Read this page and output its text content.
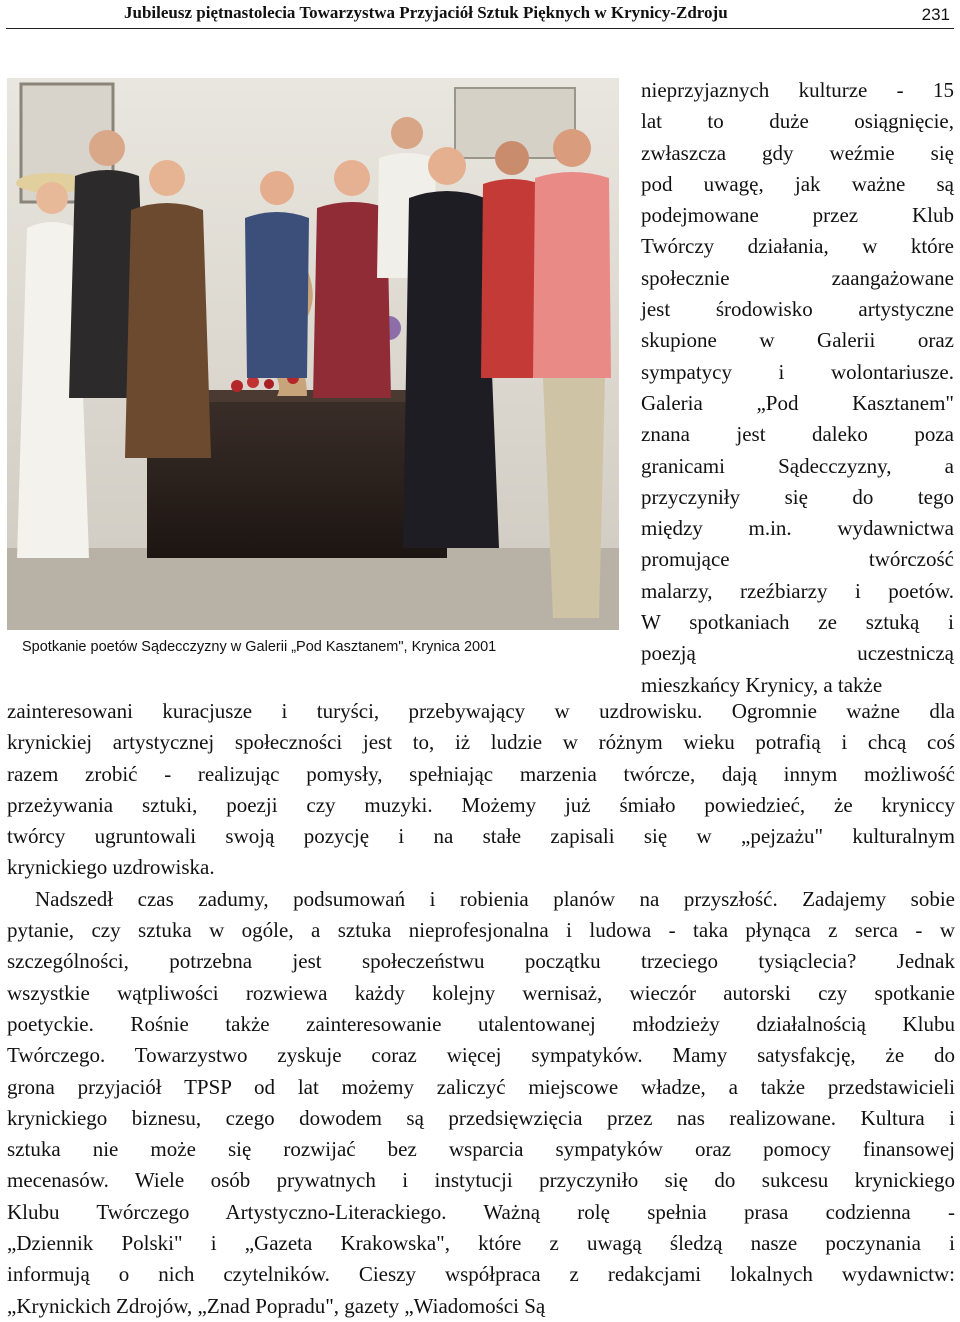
Jubileusz piętnastolecia Towarzystwa Przyjaciół Sztuk Pięknych w Krynicy-Zdroju	231
Spotkanie poetów Sądecczyzny w Galerii „Pod Kasztanem", Krynica 2001
nieprzyjaznych kulturze - 15
lat to duże osiągnięcie,
zwłaszcza gdy weźmie się
pod uwagę, jak ważne są
podejmowane przez Klub
Twórczy działania, w które
społecznie zaangażowane
jest środowisko artystyczne
skupione w Galerii oraz
sympatycy i wolontariusze.
Galeria „Pod Kasztanem"
znana jest daleko poza
granicami Sądecczyzny, a
przyczyniły się do tego
między m.in. wydawnictwa
promujące twórczość
malarzy, rzeźbiarzy i poetów.
W spotkaniach ze sztuką i
poezją uczestniczą
mieszkańcy Krynicy, a także
zainteresowani kuracjusze i turyści, przebywający w uzdrowisku. Ogromnie ważne dla
krynickiej artystycznej społeczności jest to, iż ludzie w różnym wieku potrafią i chcą coś
razem zrobić - realizując pomysły, spełniając marzenia twórcze, dają innym możliwość
przeżywania sztuki, poezji czy muzyki. Możemy już śmiało powiedzieć, że kryniccy
twórcy ugruntowali swoją pozycję i na stałe zapisali się w „pejzażu" kulturalnym
krynickiego uzdrowiska.
Nadszedł czas zadumy, podsumowań i robienia planów na przyszłość. Zadajemy sobie
pytanie, czy sztuka w ogóle, a sztuka nieprofesjonalna i ludowa - taka płynąca z serca - w
szczególności, potrzebna jest społeczeństwu początku trzeciego tysiąclecia? Jednak
wszystkie wątpliwości rozwiewa każdy kolejny wernisaż, wieczór autorski czy spotkanie
poetyckie. Rośnie także zainteresowanie utalentowanej młodzieży działalnością Klubu
Twórczego. Towarzystwo zyskuje coraz więcej sympatyków. Mamy satysfakcję, że do
grona przyjaciół TPSP od lat możemy zaliczyć miejscowe władze, a także przedstawicieli
krynickiego biznesu, czego dowodem są przedsięwzięcia przez nas realizowane. Kultura i
sztuka nie może się rozwijać bez wsparcia sympatyków oraz pomocy finansowej
mecenasów. Wiele osób prywatnych i instytucji przyczyniło się do sukcesu krynickiego
Klubu Twórczego Artystyczno-Literackiego. Ważną rolę spełnia prasa codzienna -
„Dziennik Polski" i „Gazeta Krakowska", które z uwagą śledzą nasze poczynania i
informują o nich czytelników. Cieszy współpraca z redakcjami lokalnych wydawnictw:
„Krynickich Zdrojów, „Znad Popradu", gazety „Wiadomości Są
